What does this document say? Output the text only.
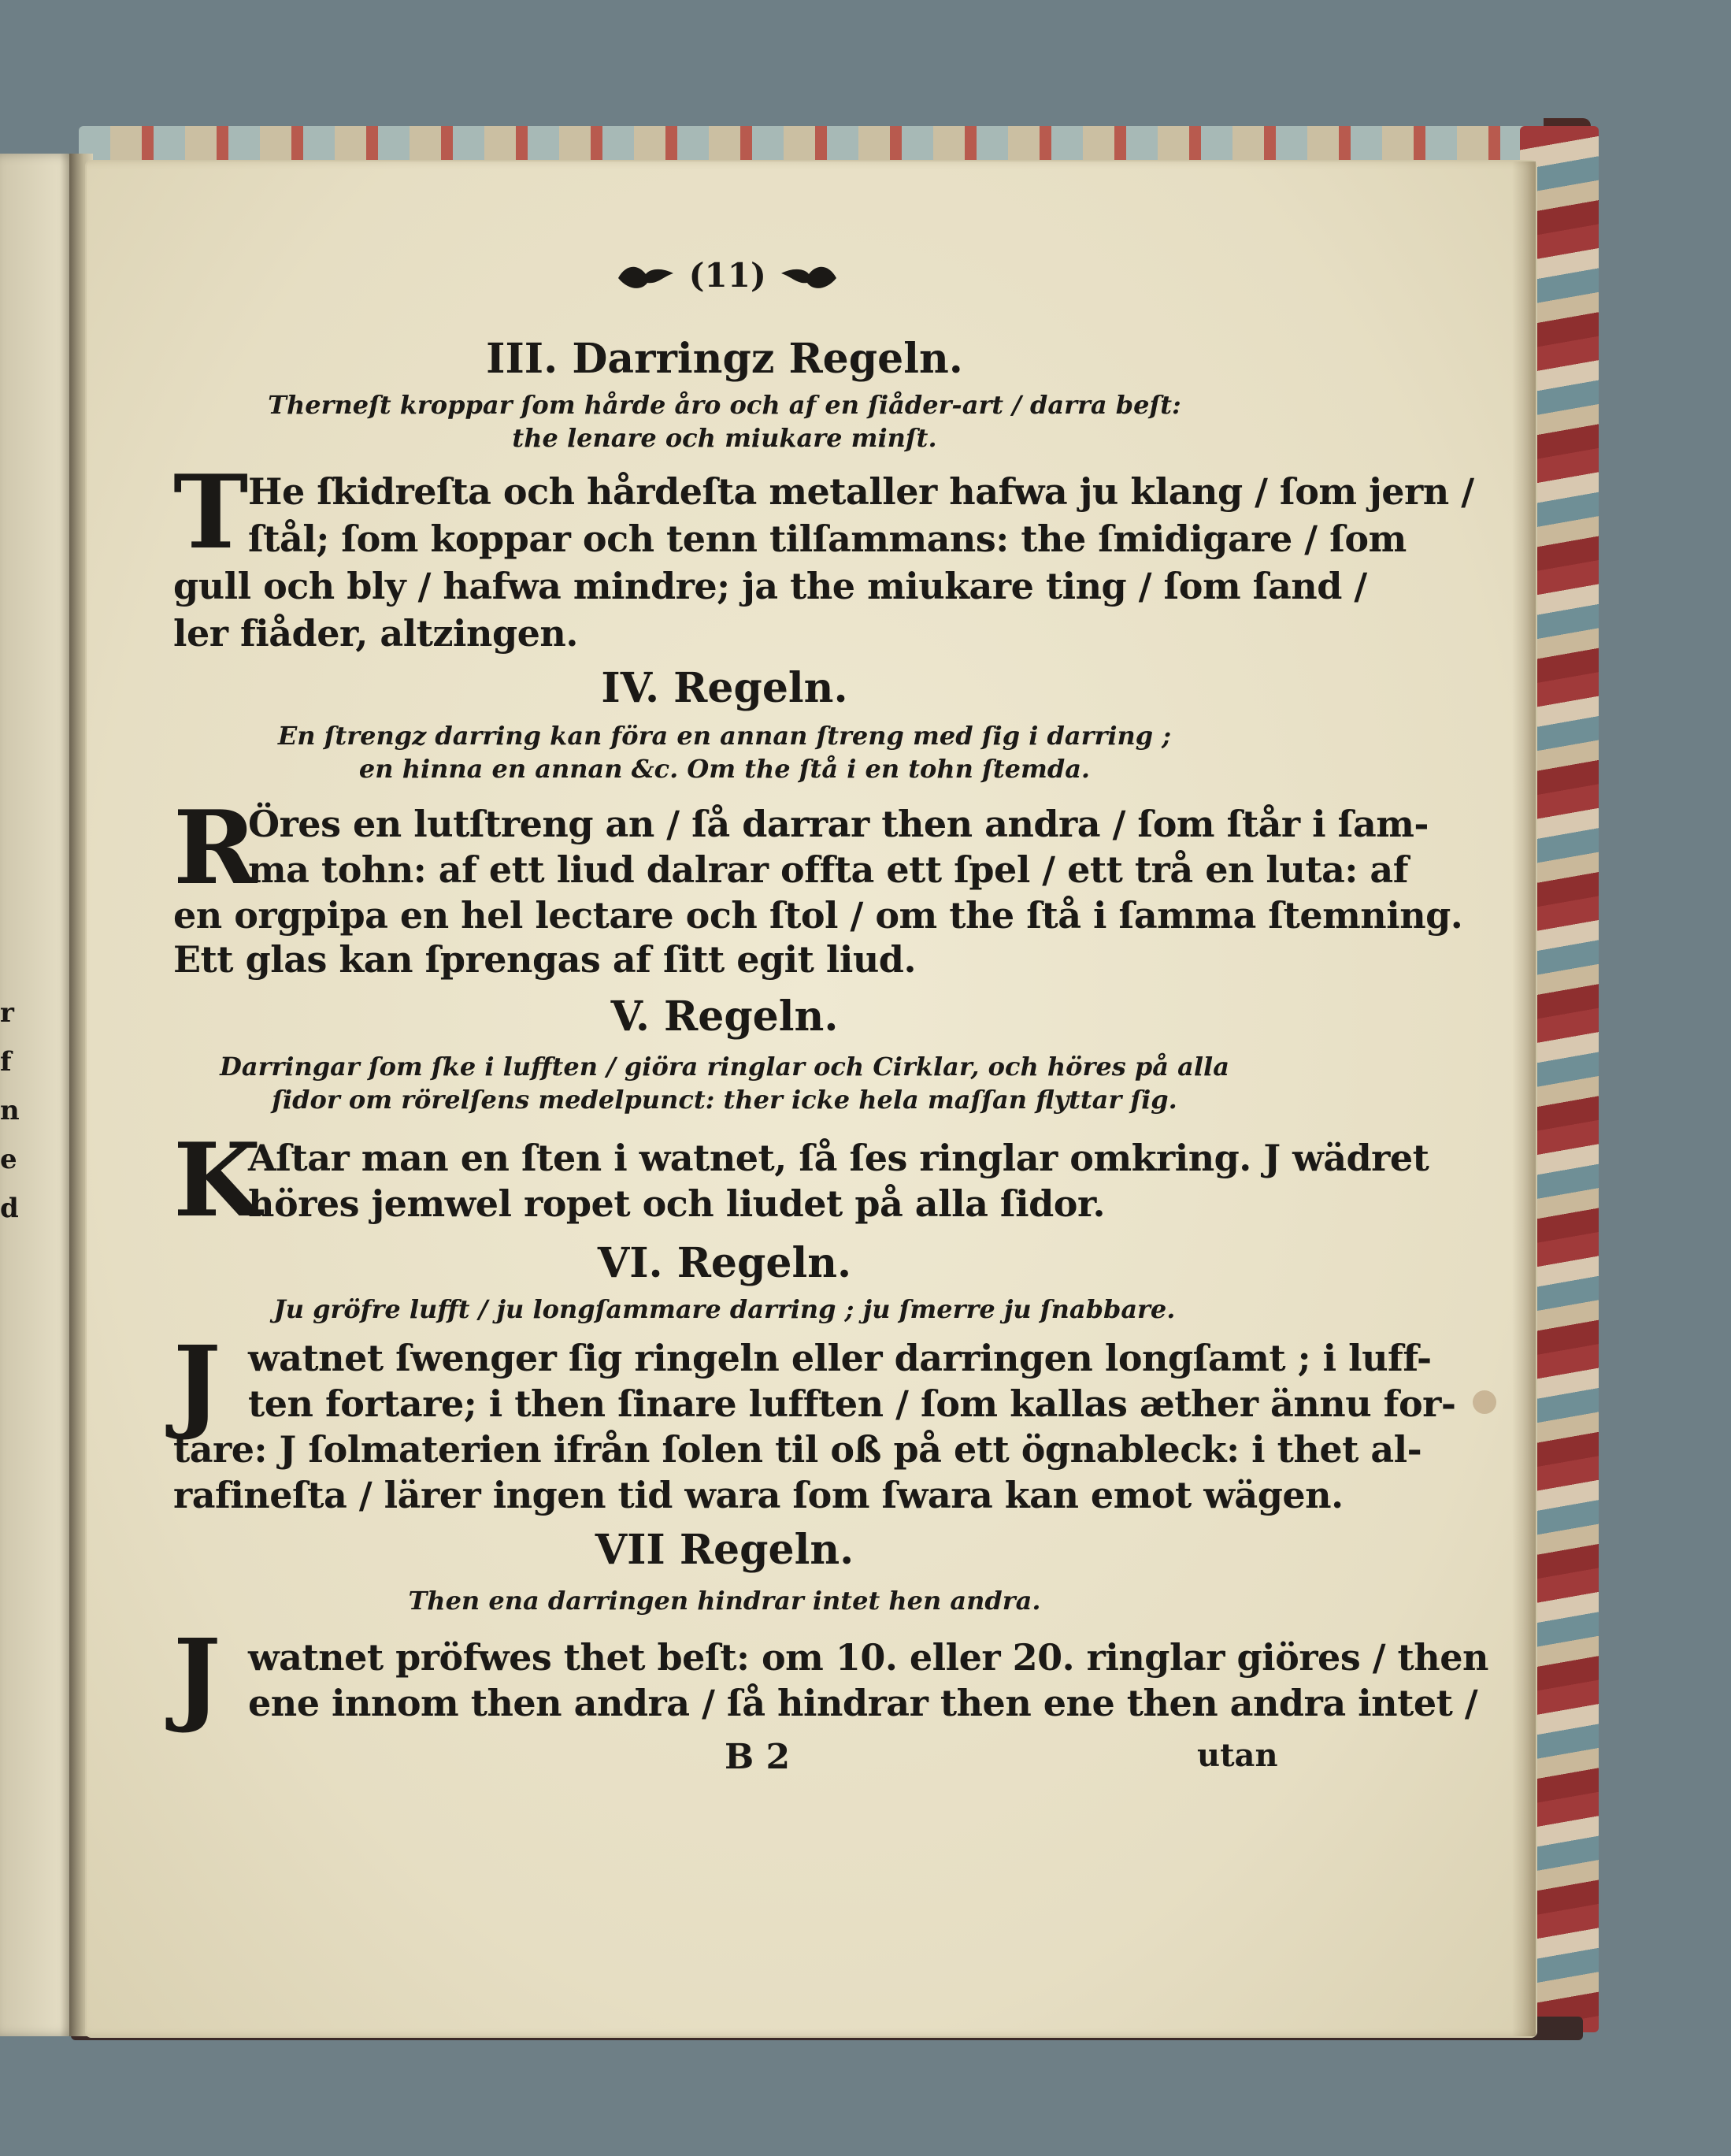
r
f
n
e
d
(11)
III. Darringz Regeln.
Therneſt kroppar ſom hårde åro och af en ſiåder-art / darra beſt:
the lenare och miukare minſt.
T He ſkidreſta och hårdeſta metaller hafwa ju klang / ſom jern /
ſtål; ſom koppar och tenn tilſammans: the ſmidigare / ſom
gull och bly / hafwa mindre; ja the miukare ting / ſom ſand /
ler fiåder, altzingen.
IV. Regeln.
En ſtrengz darring kan föra en annan ſtreng med ſig i darring ;
en hinna en annan &c. Om the ſtå i en tohn ſtemda.
R
Öres en lutſtreng an / ſå darrar then andra / ſom ſtår i ſam-
ma tohn: af ett liud dalrar offta ett ſpel / ett trå en luta: af
en orgpipa en hel lectare och ſtol / om the ſtå i ſamma ſtemning.
Ett glas kan ſprengas af ſitt egit liud.
V. Regeln.
Darringar ſom ſke i lufften / giöra ringlar och Cirklar, och höres på alla
ſidor om rörelſens medelpunct: ther icke hela maſſan flyttar ſig.
K
Aſtar man en ſten i watnet, ſå ſes ringlar omkring. J wädret
höres jemwel ropet och liudet på alla ſidor.
VI. Regeln.
Ju gröfre lufft / ju longſammare darring ; ju ſmerre ju ſnabbare.
J watnet ſwenger ſig ringeln eller darringen longſamt ; i luff-
ten fortare; i then ſinare lufften / ſom kallas æther ännu for-
tare: J ſolmaterien ifrån ſolen til oß på ett ögnableck: i thet al-
rafineſta / lärer ingen tid wara ſom ſwara kan emot wägen.
VII Regeln.
Then ena darringen hindrar intet hen andra.
J watnet pröfwes thet beſt: om 10. eller 20. ringlar giöres / then
ene innom then andra / ſå hindrar then ene then andra intet /
B 2	utan
